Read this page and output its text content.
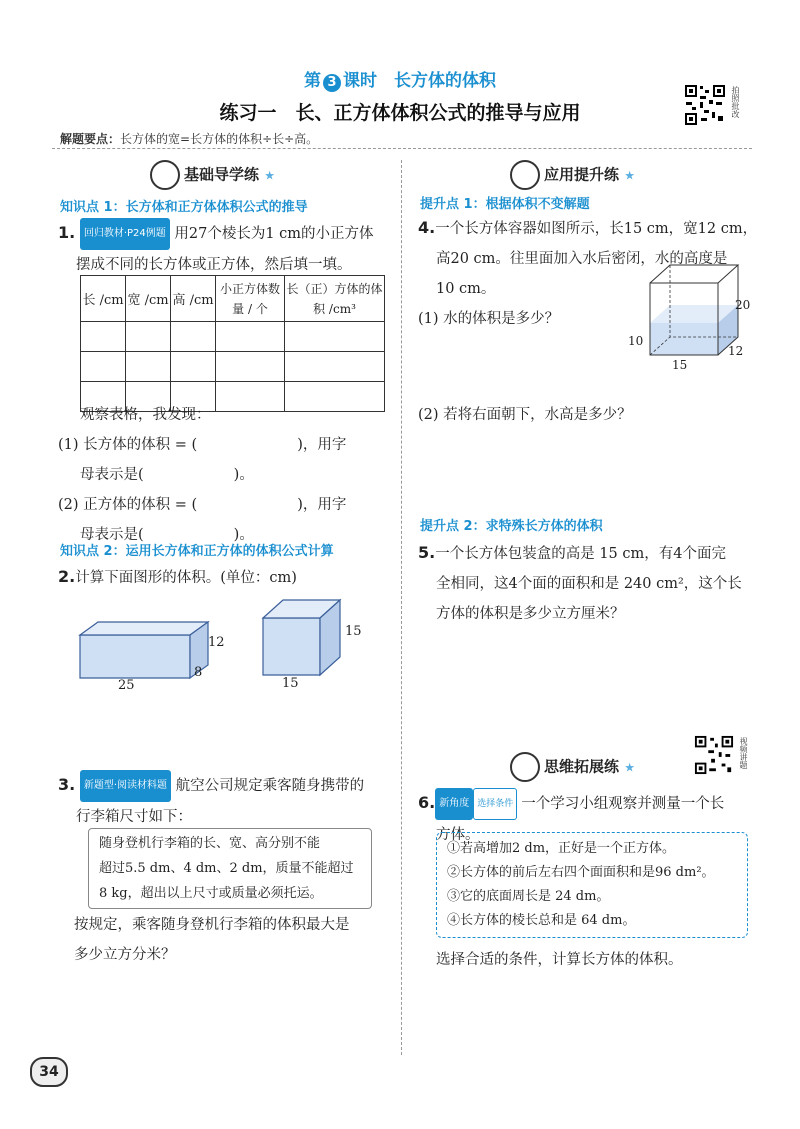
第 3 课时　 长方体的体积
练习一　长、正方体体积公式的推导与应用	拍照批改
解题要点：长方体的宽=长方体的体积÷长÷高。
基础导学练 ★
知识点 1：长方体和正方体体积公式的推导
1. 回归教材·P24例题 用27个棱长为1 cm的小正方体
摆成不同的长方体或正方体，然后填一填。
长 /cm	宽 /cm	高 /cm	小正方体数量 / 个	长（正）方体的体积 /cm³

观察表格，我发现：
(1) 长方体的体积 = (	)，用字
母表示是(	)。
(2) 正方体的体积 = (	)，用字
母表示是(	)。
知识点 2：运用长方体和正方体的体积公式计算
2.计算下面图形的体积。(单位：cm)
12
8
25
15
15
3. 新题型·阅读材料题 航空公司规定乘客随身携带的
行李箱尺寸如下：
随身登机行李箱的长、宽、高分别不能
超过5.5 dm、4 dm、2 dm，质量不能超过
8 kg，超出以上尺寸或质量必须托运。
按规定，乘客随身登机行李箱的体积最大是
多少立方分米？
应用提升练 ★
提升点 1：根据体积不变解题
4.一个长方体容器如图所示，长15 cm，宽12 cm，
高20 cm。往里面加入水后密闭，水的高度是
10 cm。
(1) 水的体积是多少？
20
12
15
10
(2) 若将右面朝下，水高是多少？
提升点 2：求特殊长方体的体积
5.一个长方体包装盒的高是 15 cm，有4个面完
全相同，这4个面的面积和是 240 cm²，这个长
方体的体积是多少立方厘米？
思维拓展练 ★	视频讲题
6. 新角度 选择条件 一个学习小组观察并测量一个长
方体。
①若高增加2 dm，正好是一个正方体。
②长方体的前后左右四个面面积和是96 dm²。
③它的底面周长是 24 dm。
④长方体的棱长总和是 64 dm。
选择合适的条件，计算长方体的体积。
34
